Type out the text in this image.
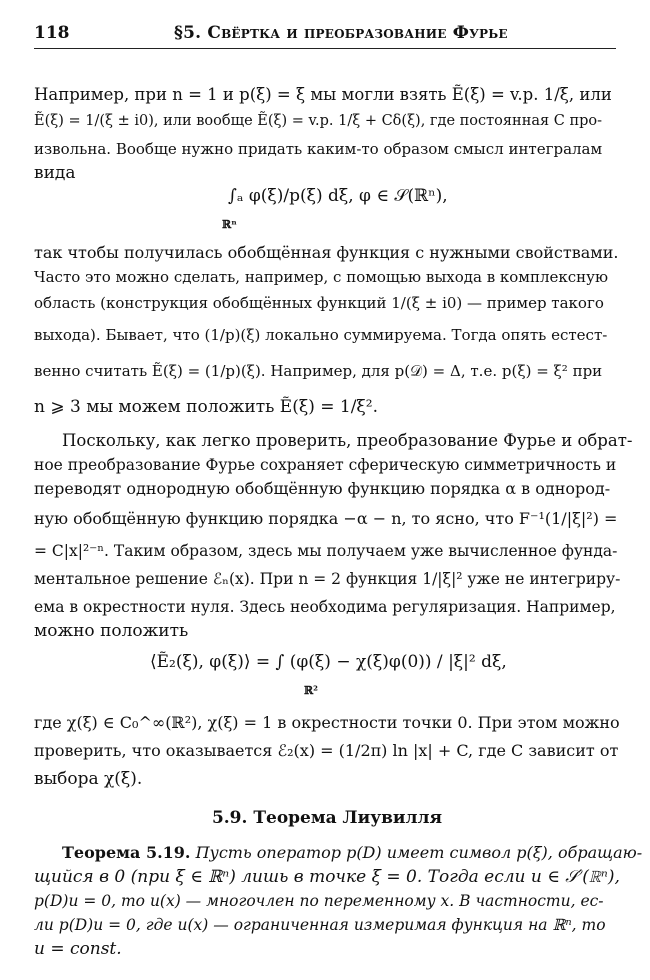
118	§5. Свёртка и преобразование Фурье
Например, при n = 1 и p(ξ) = ξ мы могли взять Ẽ(ξ) = v.p. 1/ξ, или
Ẽ(ξ) = 1/(ξ ± i0), или вообще Ẽ(ξ) = v.p. 1/ξ + Cδ(ξ), где постоянная C про-
извольна. Вообще нужно придать каким-то образом смысл интегралам
вида
∫ₐ φ(ξ)/p(ξ) dξ, φ ∈ 𝒮(ℝⁿ),
ℝⁿ
так чтобы получилась обобщённая функция с нужными свойствами.
Часто это можно сделать, например, с помощью выхода в комплексную
область (конструкция обобщённых функций 1/(ξ ± i0) — пример такого
выхода). Бывает, что (1/p)(ξ) локально суммируема. Тогда опять естест-
венно считать Ẽ(ξ) = (1/p)(ξ). Например, для p(𝒟) = Δ, т.е. p(ξ) = ξ² при
n ⩾ 3 мы можем положить Ẽ(ξ) = 1/ξ².
Поскольку, как легко проверить, преобразование Фурье и обрат-
ное преобразование Фурье сохраняет сферическую симметричность и
переводят однородную обобщённую функцию порядка α в однород-
ную обобщённую функцию порядка −α − n, то ясно, что F⁻¹(1/|ξ|²) =
= C|x|²⁻ⁿ. Таким образом, здесь мы получаем уже вычисленное фунда-
ментальное решение ℰₙ(x). При n = 2 функция 1/|ξ|² уже не интегриру-
ема в окрестности нуля. Здесь необходима регуляризация. Например,
можно положить
⟨Ẽ₂(ξ), φ(ξ)⟩ = ∫ (φ(ξ) − χ(ξ)φ(0)) / |ξ|² dξ,
ℝ²
где χ(ξ) ∈ C₀^∞(ℝ²), χ(ξ) = 1 в окрестности точки 0. При этом можно
проверить, что оказывается ℰ₂(x) = (1/2π) ln |x| + C, где C зависит от
выбора χ(ξ).
5.9. Теорема Лиувилля
Теорема 5.19. Пусть оператор p(D) имеет символ p(ξ), обращаю-
щийся в 0 (при ξ ∈ ℝⁿ) лишь в точке ξ = 0. Тогда если u ∈ 𝒮′(ℝⁿ),
p(D)u = 0, то u(x) — многочлен по переменному x. В частности, ес-
ли p(D)u = 0, где u(x) — ограниченная измеримая функция на ℝⁿ, то
u = const.
